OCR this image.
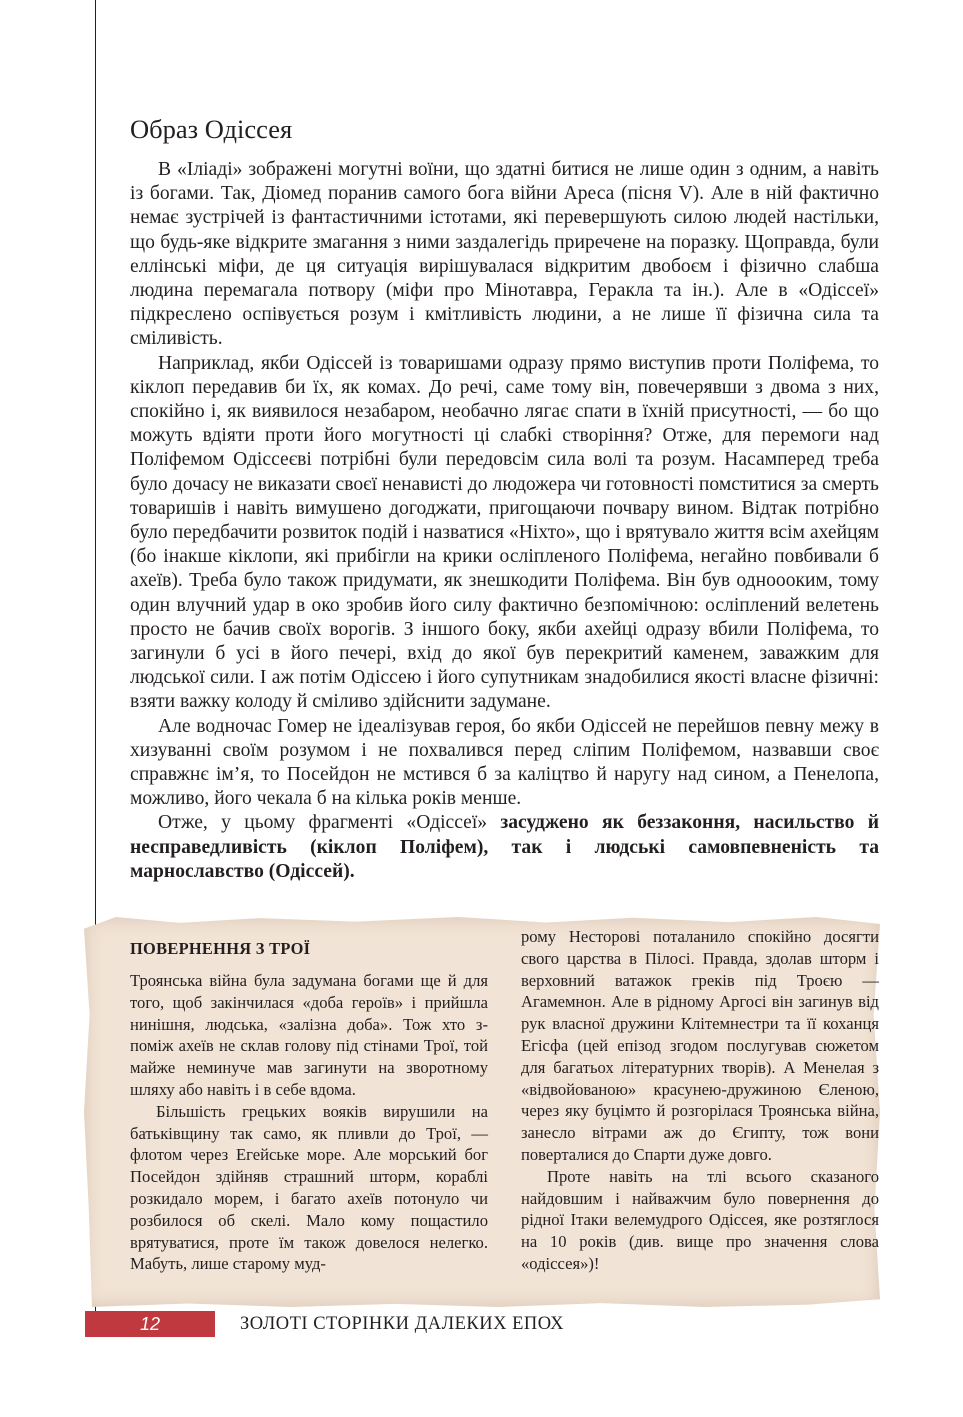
Образ Одіссея

В «Іліаді» зображені могутні воїни, що здатні битися не лише один з одним, а навіть із богами. Так, Діомед поранив самого бога війни Ареса (пісня V). Але в ній фактично немає зустрічей із фантастичними істотами, які перевершують силою людей настільки, що будь-яке відкрите змагання з ними заздалегідь приречене на поразку. Щоправда, були еллінські міфи, де ця ситуація вирішувалася відкритим двобоєм і фізично слабша людина перемагала потвору (міфи про Мінотавра, Геракла та ін.). Але в «Одіссеї» підкреслено оспівується розум і кмітливість людини, а не лише її фізична сила та сміливість.

Наприклад, якби Одіссей із товаришами одразу прямо виступив проти Поліфема, то кіклоп передавив би їх, як комах. До речі, саме тому він, повечерявши з двома з них, спокійно і, як виявилося незабаром, необачно лягає спати в їхній присутності, — бо що можуть вдіяти проти його могутності ці слабкі створіння? Отже, для перемоги над Поліфемом Одіссеєві потрібні були передовсім сила волі та розум. Насамперед треба було дочасу не виказати своєї ненависті до людожера чи готовності помститися за смерть товаришів і навіть вимушено догоджати, пригощаючи почвару вином. Відтак потрібно було передбачити розвиток подій і назватися «Ніхто», що і врятувало життя всім ахейцям (бо інакше кіклопи, які прибігли на крики осліпленого Поліфема, негайно повбивали б ахеїв). Треба було також придумати, як знешкодити Поліфема. Він був одноооким, тому один влучний удар в око зробив його силу фактично безпомічною: осліплений велетень просто не бачив своїх ворогів. З іншого боку, якби ахейці одразу вбили Поліфема, то загинули б усі в його печері, вхід до якої був перекритий каменем, заважким для людської сили. І аж потім Одіссею і його супутникам знадобилися якості власне фізичні: взяти важку колоду й сміливо здійснити задумане.

Але водночас Гомер не ідеалізував героя, бо якби Одіссей не перейшов певну межу в хизуванні своїм розумом і не похвалився перед сліпим Поліфемом, назвавши своє справжнє ім’я, то Посейдон не мстився б за каліцтво й наругу над сином, а Пенелопа, можливо, його чекала б на кілька років менше.

Отже, у цьому фрагменті «Одіссеї» засуджено як беззаконня, насильство й несправедливість (кіклоп Поліфем), так і людські самовпевненість та марнославство (Одіссей).

ПОВЕРНЕННЯ З ТРОЇ

Троянська війна була задумана богами ще й для того, щоб закінчилася «доба героїв» і прийшла нинішня, людська, «залізна доба». Тож хто з-поміж ахеїв не склав голову під стінами Трої, той майже неминуче мав загинути на зворотному шляху або навіть і в себе вдома.

Більшість грецьких вояків вирушили на батьківщину так само, як пливли до Трої, — флотом через Егейське море. Але морський бог Посейдон здійняв страшний шторм, кораблі розкидало морем, і багато ахеїв потонуло чи розбилося об скелі. Мало кому пощастило врятуватися, проте їм також довелося нелегко. Мабуть, лише старому муд-

рому Несторові поталанило спокійно досягти свого царства в Пілосі. Правда, здолав шторм і верховний ватажок греків під Троєю — Агамемнон. Але в рідному Аргосі він загинув від рук власної дружини Клітемнестри та її коханця Егісфа (цей епізод згодом послугував сюжетом для багатьох літературних творів). А Менелая з «відвойованою» красунею-дружиною Єленою, через яку буцімто й розгорілася Троянська війна, занесло вітрами аж до Єгипту, тож вони поверталися до Спарти дуже довго.

Проте навіть на тлі всього сказаного найдовшим і найважчим було повернення до рідної Ітаки велемудрого Одіссея, яке розтяглося на 10 років (див. вище про значення слова «одіссея»)!

12	ЗОЛОТІ СТОРІНКИ ДАЛЕКИХ ЕПОХ
